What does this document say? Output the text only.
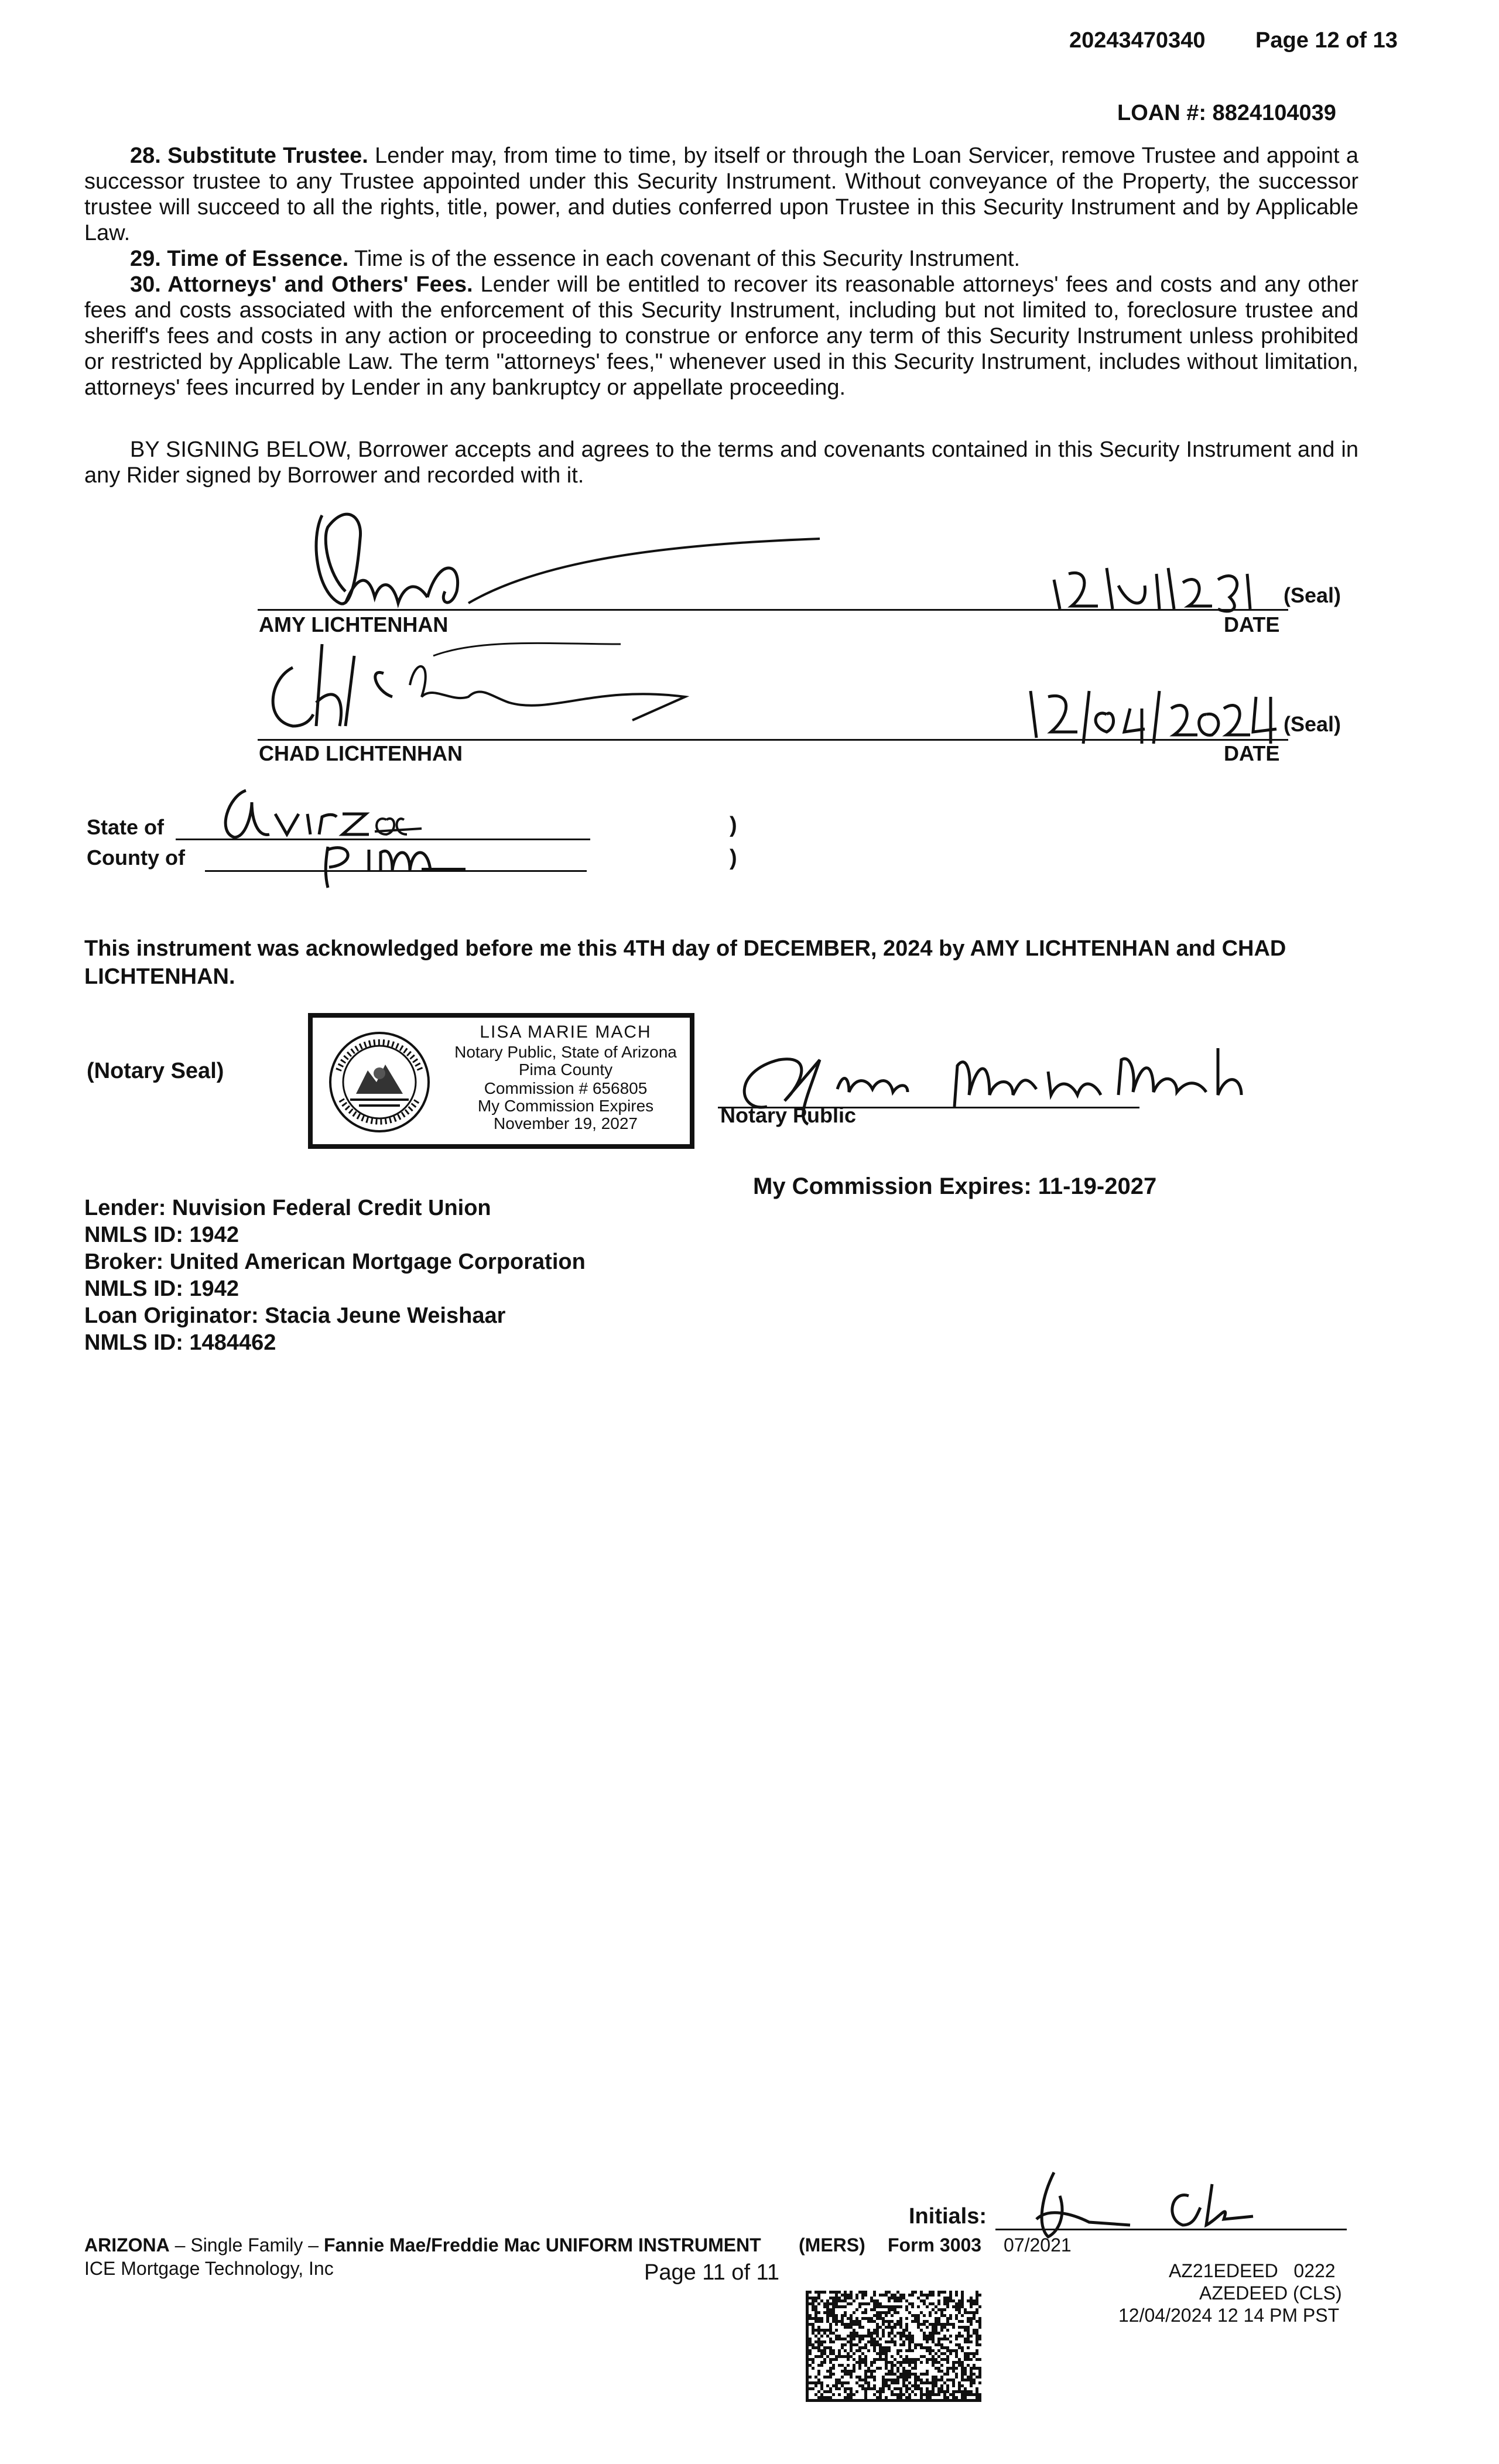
20243470340 Page 12 of 13
LOAN #: 8824104039

28. Substitute Trustee. Lender may, from time to time, by itself or through the Loan Servicer, remove Trustee and appoint a successor trustee to any Trustee appointed under this Security Instrument. Without conveyance of the Property, the successor trustee will succeed to all the rights, title, power, and duties conferred upon Trustee in this Security Instrument and by Applicable Law.

29. Time of Essence. Time is of the essence in each covenant of this Security Instrument.

30. Attorneys' and Others' Fees. Lender will be entitled to recover its reasonable attorneys' fees and costs and any other fees and costs associated with the enforcement of this Security Instrument, including but not limited to, foreclosure trustee and sheriff's fees and costs in any action or proceeding to construe or enforce any term of this Security Instrument unless prohibited or restricted by Applicable Law. The term "attorneys' fees," whenever used in this Security Instrument, includes without limitation, attorneys' fees incurred by Lender in any bankruptcy or appellate proceeding.

BY SIGNING BELOW, Borrower accepts and agrees to the terms and covenants contained in this Security Instrument and in any Rider signed by Borrower and recorded with it.

(Seal)
AMY LICHTENHAN	DATE
(Seal)
CHAD LICHTENHAN	DATE
State of	)
County of	)
This instrument was acknowledged before me this 4TH day of DECEMBER, 2024 by AMY LICHTENHAN and CHAD LICHTENHAN.
(Notary Seal)
LISA MARIE MACH
Notary Public, State of Arizona
Pima County
Commission # 656805
My Commission Expires
November 19, 2027	Notary Public
My Commission Expires: 11-19-2027
Lender: Nuvision Federal Credit Union
NMLS ID: 1942
Broker: United American Mortgage Corporation
NMLS ID: 1942
Loan Originator: Stacia Jeune Weishaar
NMLS ID: 1484462
Initials:
ARIZONA – Single Family – Fannie Mae/Freddie Mac UNIFORM INSTRUMENT (MERS) Form 3003 07/2021
ICE Mortgage Technology, Inc	Page 11 of 11	AZ21EDEED   0222
AZEDEED (CLS)
12/04/2024 12 14 PM PST
